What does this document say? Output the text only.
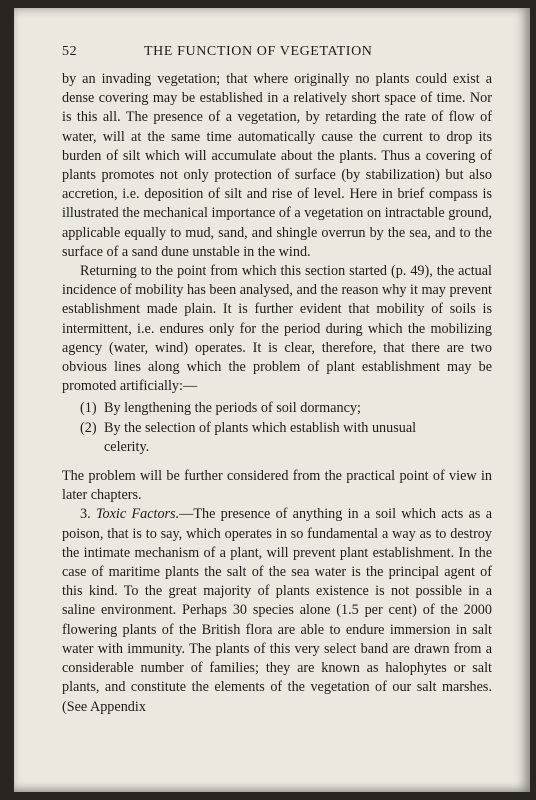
52	THE FUNCTION OF VEGETATION

by an invading vegetation; that where originally no plants could exist a dense covering may be established in a relatively short space of time. Nor is this all. The presence of a vegetation, by retarding the rate of flow of water, will at the same time automatically cause the current to drop its burden of silt which will accumulate about the plants. Thus a covering of plants promotes not only protection of surface (by stabilization) but also accretion, i.e. deposition of silt and rise of level. Here in brief compass is illustrated the mechanical importance of a vegetation on intractable ground, applicable equally to mud, sand, and shingle overrun by the sea, and to the surface of a sand dune unstable in the wind.

Returning to the point from which this section started (p. 49), the actual incidence of mobility has been analysed, and the reason why it may prevent establishment made plain. It is further evident that mobility of soils is intermittent, i.e. endures only for the period during which the mobilizing agency (water, wind) operates. It is clear, therefore, that there are two obvious lines along which the problem of plant establishment may be promoted artificially:—

(1) By lengthening the periods of soil dormancy;
(2) By the selection of plants which establish with unusual
celerity.

The problem will be further considered from the practical point of view in later chapters.

3. Toxic Factors.—The presence of anything in a soil which acts as a poison, that is to say, which operates in so fundamental a way as to destroy the intimate mechanism of a plant, will prevent plant establishment. In the case of maritime plants the salt of the sea water is the principal agent of this kind. To the great majority of plants existence is not possible in a saline environment. Perhaps 30 species alone (1.5 per cent) of the 2000 flowering plants of the British flora are able to endure immersion in salt water with immunity. The plants of this very select band are drawn from a considerable number of families; they are known as halophytes or salt plants, and constitute the elements of the vegetation of our salt marshes. (See Appendix
